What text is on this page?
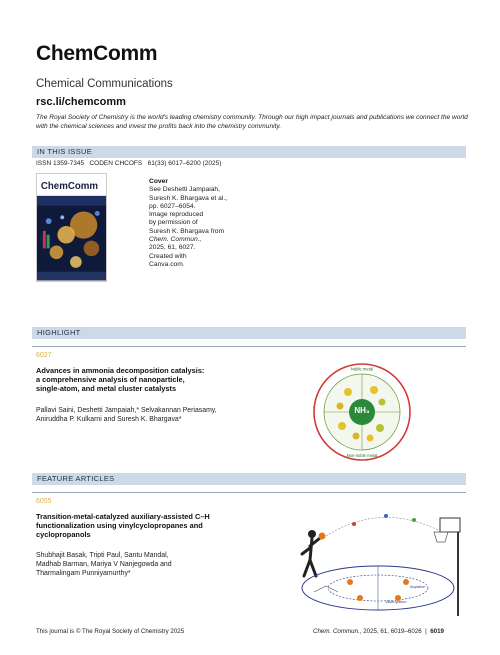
ChemComm
Chemical Communications
rsc.li/chemcomm
The Royal Society of Chemistry is the world's leading chemistry community. Through our high impact journals and publications we connect the world with the chemical sciences and invest the profits back into the chemistry community.
IN THIS ISSUE
ISSN 1359-7345 CODEN CHCOFS 61(33) 6017–6200 (2025)
ChemComm	Cover
See Deshetti Jampaiah,
Suresh K. Bhargava et al.,
pp. 6027–6054.
Image reproduced
by permission of
Suresh K. Bhargava from
Chem. Commun.,
2025, 61, 6027.
Created with
Canva.com.
HIGHLIGHT
6027
Advances in ammonia decomposition catalysis:
a comprehensive analysis of nanoparticle,
single-atom, and metal cluster catalysts
Pallavi Saini, Deshetti Jampaiah,* Selvakannan Periasamy,
Aniruddha P. Kulkarni and Suresh K. Bhargava*
NH₃
Noble metal
Non-noble metal
FEATURE ARTICLES
6055
Transition-metal-catalyzed auxiliary-assisted C–H
functionalization using vinylcyclopropanes and
cyclopropanols
Shubhajit Basak, Tripti Paul, Santu Mandal,
Madhab Barman, Mariya V Nanjegowda and
Tharmalingam Punniyamurthy*
Alkenylation
Acylation
This journal is © The Royal Society of Chemistry 2025	Chem. Commun., 2025, 61, 6019–6026 | 6019
